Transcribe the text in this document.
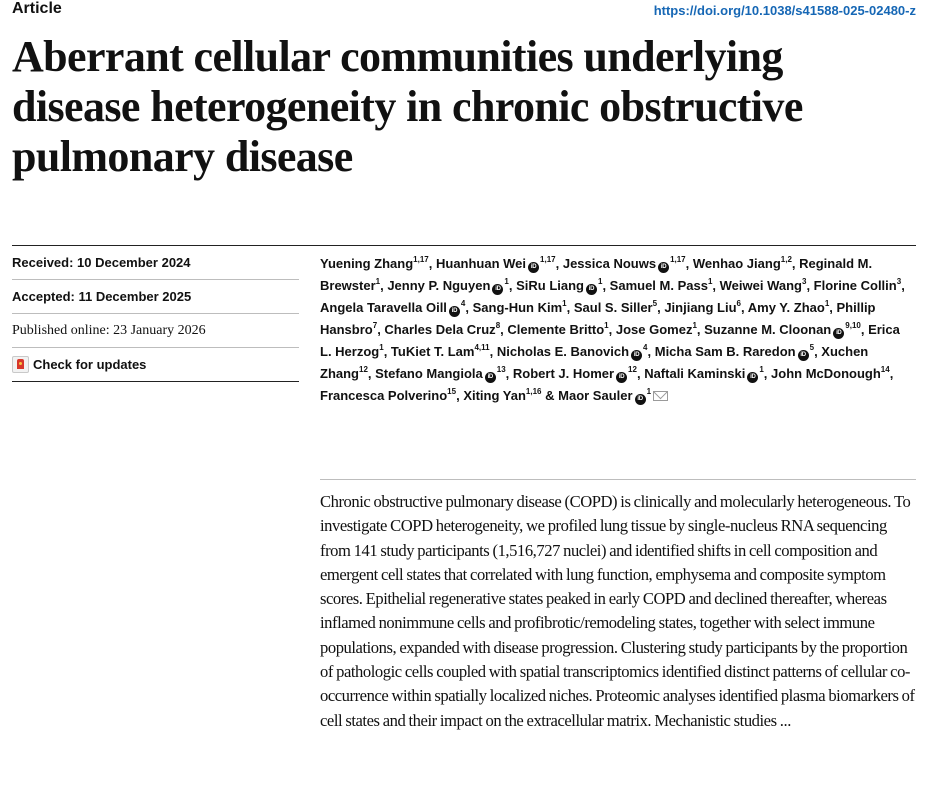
Article	https://doi.org/10.1038/s41588-025-02480-z
Aberrant cellular communities underlying disease heterogeneity in chronic obstructive pulmonary disease
Received: 10 December 2024
Accepted: 11 December 2025
Published online: 23 January 2026
Check for updates
Yuening Zhang$^{1,17}$, Huanhuan Wei iD$^{1,17}$, Jessica Nouws iD$^{1,17}$, Wenhao Jiang$^{1,2}$, Reginald M. Brewster$^1$, Jenny P. Nguyen $iD^1$, SiRu Liang $iD^1$, Samuel M. Pass$^1$, Weiwei Wang$^3$, Florine Collin$^3$, Angela Taravella Oill $iD^4$, Sang-Hun Kim$^1$, Saul S. Siller$^5$, Jinjiang Liu$^6$, Amy Y. Zhao$^1$, Phillip Hansbro$^7$, Charles Dela Cruz$^8$, Clemente Britto$^1$, Jose Gomez$^1$, Suzanne M. Cloonan iD$^{9,10}$, Erica L. Herzog$^1$, TuKiet T. Lam$^{4,11}$, Nicholas E. Banovich $iD^4$, Micha Sam B. Raredon $iD^5$, Xuchen Zhang$^{12}$, Stefano Mangiola $iD^{13}$, Robert J. Homer $iD^{12}$, Naftali Kaminski $iD^1$, John McDonough$^{14}$, Francesca Polverino$^{15}$, Xiting Yan$^{1,16}$ & Maor Sauler $iD^1$

Chronic obstructive pulmonary disease (COPD) is clinically and molecularly heterogeneous. To investigate COPD heterogeneity, we profiled lung tissue by single-nucleus RNA sequencing from 141 study participants (1,516,727 nuclei) and identified shifts in cell composition and emergent cell states that correlated with lung function, emphysema and composite symptom scores. Epithelial regenerative states peaked in early COPD and declined thereafter, whereas inflamed nonimmune cells and profibrotic/remodeling states, together with select immune populations, expanded with disease progression. Clustering study participants by the proportion of pathologic cells coupled with spatial transcriptomics identified distinct patterns of cellular co-occurrence within spatially localized niches. Proteomic analyses identified plasma biomarkers of cell states and their impact on the extracellular matrix. Mechanistic studies ...
